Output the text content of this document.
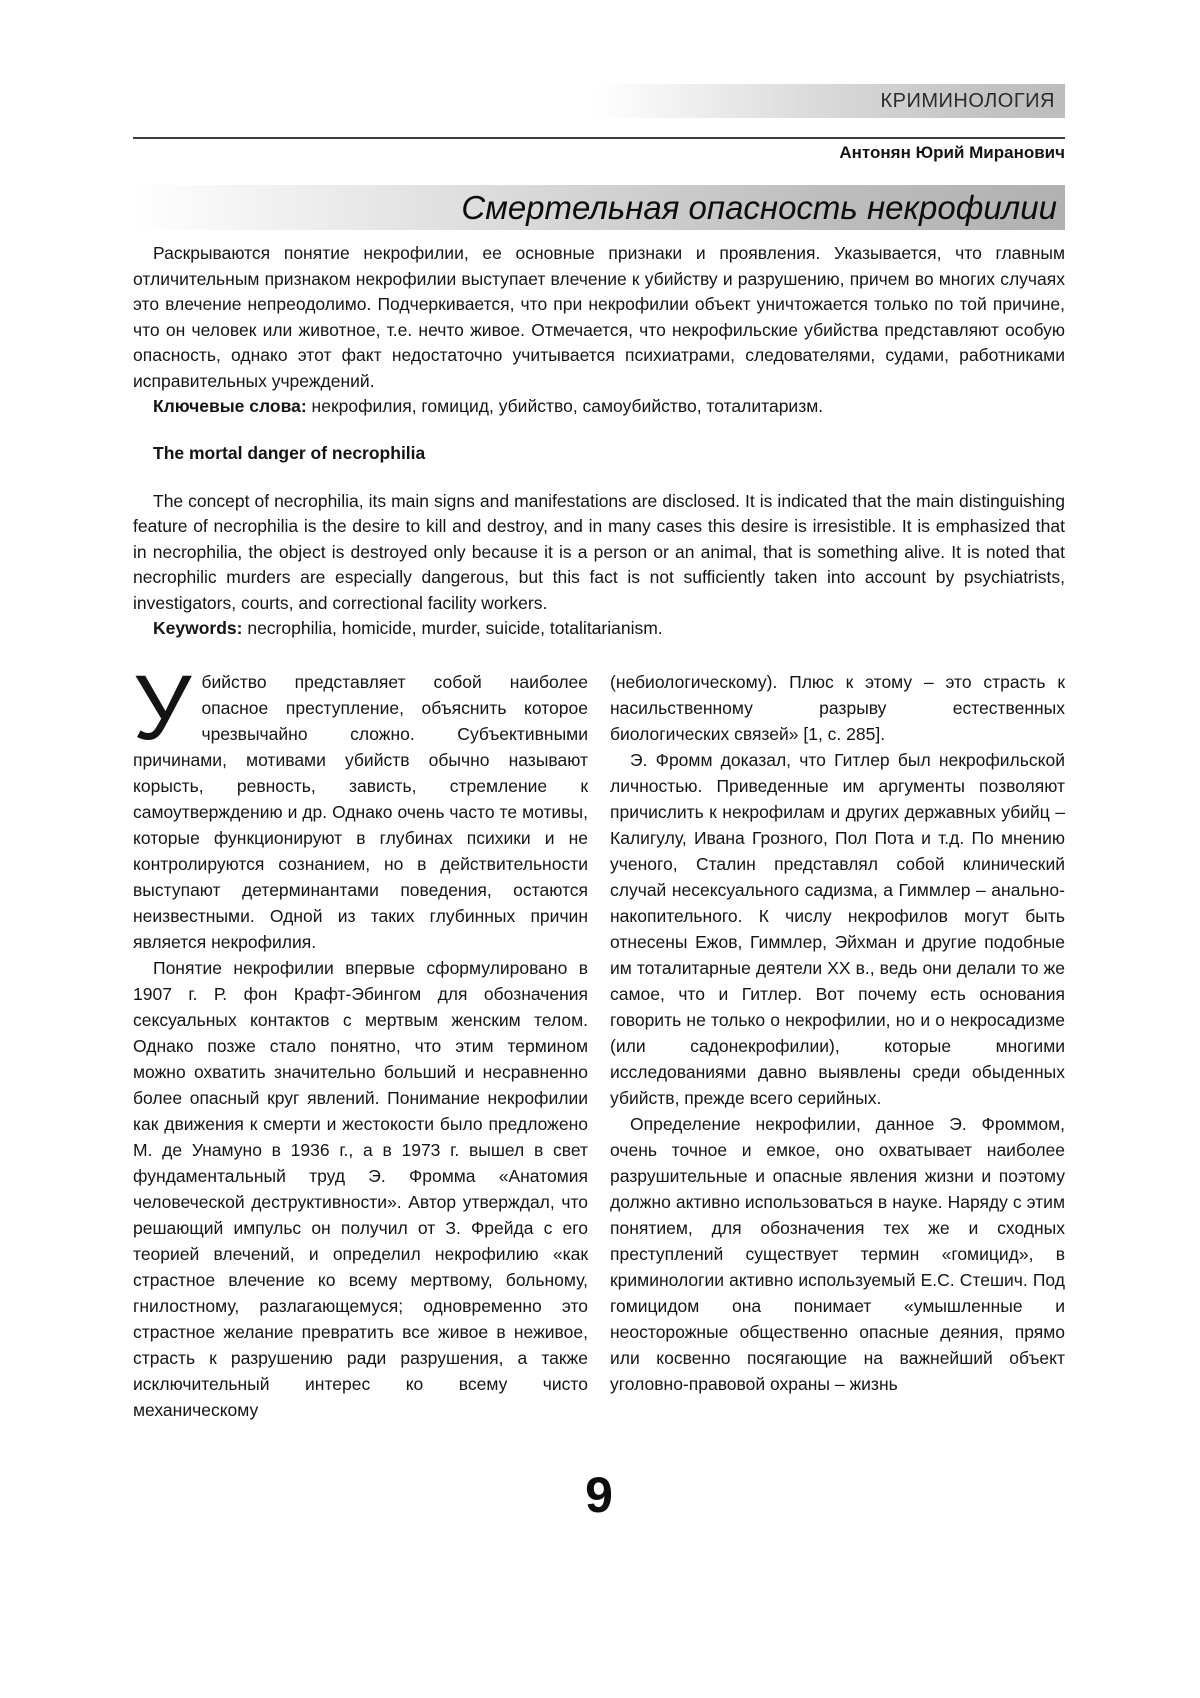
КРИМИНОЛОГИЯ
Антонян Юрий Миранович
Смертельная опасность некрофилии

Раскрываются понятие некрофилии, ее основные признаки и проявления. Указывается, что главным отличительным признаком некрофилии выступает влечение к убийству и разрушению, причем во многих случаях это влечение непреодолимо. Подчеркивается, что при некрофилии объект уничтожается только по той причине, что он человек или животное, т.е. нечто живое. Отмечается, что некрофильские убийства представляют особую опасность, однако этот факт недостаточно учитывается психиатрами, следователями, судами, работниками исправительных учреждений.

Ключевые слова: некрофилия, гомицид, убийство, самоубийство, тоталитаризм.

The mortal danger of necrophilia

The concept of necrophilia, its main signs and manifestations are disclosed. It is indicated that the main distinguishing feature of necrophilia is the desire to kill and destroy, and in many cases this desire is irresistible. It is emphasized that in necrophilia, the object is destroyed only because it is a person or an animal, that is something alive. It is noted that necrophilic murders are especially dangerous, but this fact is not sufficiently taken into account by psychiatrists, investigators, courts, and correctional facility workers.

Keywords: necrophilia, homicide, murder, suicide, totalitarianism.

Убийство представляет собой наиболее опасное преступление, объяснить которое чрезвычайно сложно. Субъективными причинами, мотивами убийств обычно называют корысть, ревность, зависть, стремление к самоутверждению и др. Однако очень часто те мотивы, которые функционируют в глубинах психики и не контролируются сознанием, но в действительности выступают детерминантами поведения, остаются неизвестными. Одной из таких глубинных причин является некрофилия.

Понятие некрофилии впервые сформулировано в 1907 г. Р. фон Крафт-Эбингом для обозначения сексуальных контактов с мертвым женским телом. Однако позже стало понятно, что этим термином можно охватить значительно больший и несравненно более опасный круг явлений. Понимание некрофилии как движения к смерти и жестокости было предложено М. де Унамуно в 1936 г., а в 1973 г. вышел в свет фундаментальный труд Э. Фромма «Анатомия человеческой деструктивности». Автор утверждал, что решающий импульс он получил от З. Фрейда с его теорией влечений, и определил некрофилию «как страстное влечение ко всему мертвому, больному, гнилостному, разлагающемуся; одновременно это страстное желание превратить все живое в неживое, страсть к разрушению ради разрушения, а также исключительный интерес ко всему чисто механическому

(небиологическому). Плюс к этому – это страсть к насильственному разрыву естественных биологических связей» [1, с. 285].

Э. Фромм доказал, что Гитлер был некрофильской личностью. Приведенные им аргументы позволяют причислить к некрофилам и других державных убийц – Калигулу, Ивана Грозного, Пол Пота и т.д. По мнению ученого, Сталин представлял собой клинический случай несексуального садизма, а Гиммлер – анально-накопительного. К числу некрофилов могут быть отнесены Ежов, Гиммлер, Эйхман и другие подобные им тоталитарные деятели XX в., ведь они делали то же самое, что и Гитлер. Вот почему есть основания говорить не только о некрофилии, но и о некросадизме (или садонекрофилии), которые многими исследованиями давно выявлены среди обыденных убийств, прежде всего серийных.

Определение некрофилии, данное Э. Фроммом, очень точное и емкое, оно охватывает наиболее разрушительные и опасные явления жизни и поэтому должно активно использоваться в науке. Наряду с этим понятием, для обозначения тех же и сходных преступлений существует термин «гомицид», в криминологии активно используемый Е.С. Стешич. Под гомицидом она понимает «умышленные и неосторожные общественно опасные деяния, прямо или косвенно посягающие на важнейший объект уголовно-правовой охраны – жизнь

9
